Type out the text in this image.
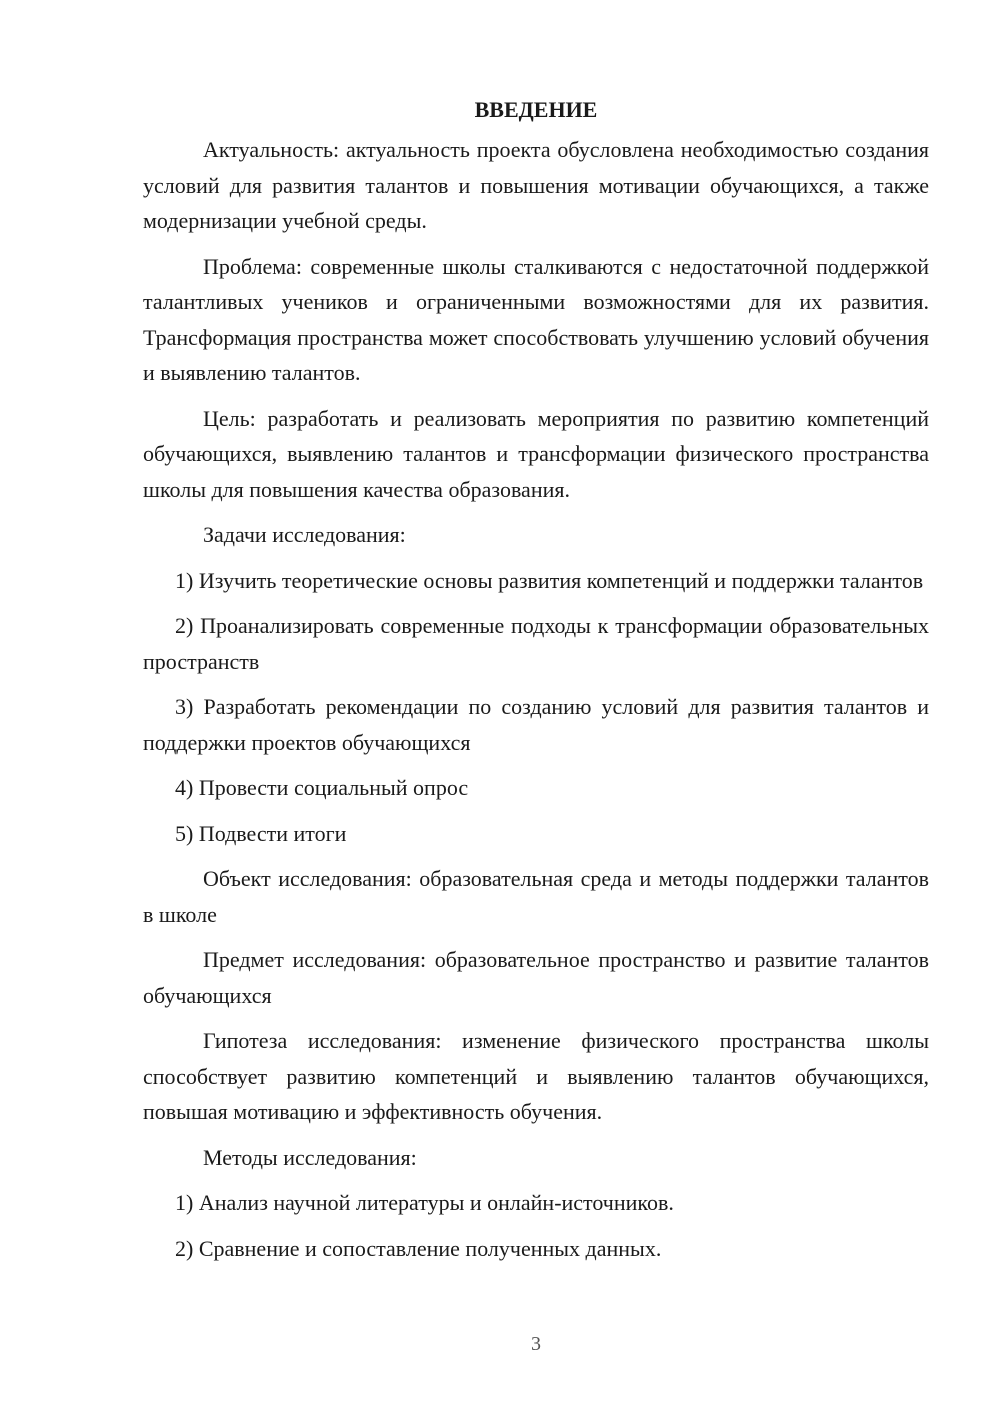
ВВЕДЕНИЕ

Актуальность: актуальность проекта обусловлена необходимостью создания условий для развития талантов и повышения мотивации обучающихся, а также модернизации учебной среды.

Проблема: современные школы сталкиваются с недостаточной поддержкой талантливых учеников и ограниченными возможностями для их развития. Трансформация пространства может способствовать улучшению условий обучения и выявлению талантов.

Цель: разработать и реализовать мероприятия по развитию компетенций обучающихся, выявлению талантов и трансформации физического пространства школы для повышения качества образования.

Задачи исследования:

1) Изучить теоретические основы развития компетенций и поддержки талантов

2) Проанализировать современные подходы к трансформации образовательных пространств

3) Разработать рекомендации по созданию условий для развития талантов и поддержки проектов обучающихся

4) Провести социальный опрос

5) Подвести итоги

Объект исследования: образовательная среда и методы поддержки талантов в школе

Предмет исследования: образовательное пространство и развитие талантов обучающихся

Гипотеза исследования: изменение физического пространства школы способствует развитию компетенций и выявлению талантов обучающихся, повышая мотивацию и эффективность обучения.

Методы исследования:

1) Анализ научной литературы и онлайн-источников.

2) Сравнение и сопоставление полученных данных.

3
